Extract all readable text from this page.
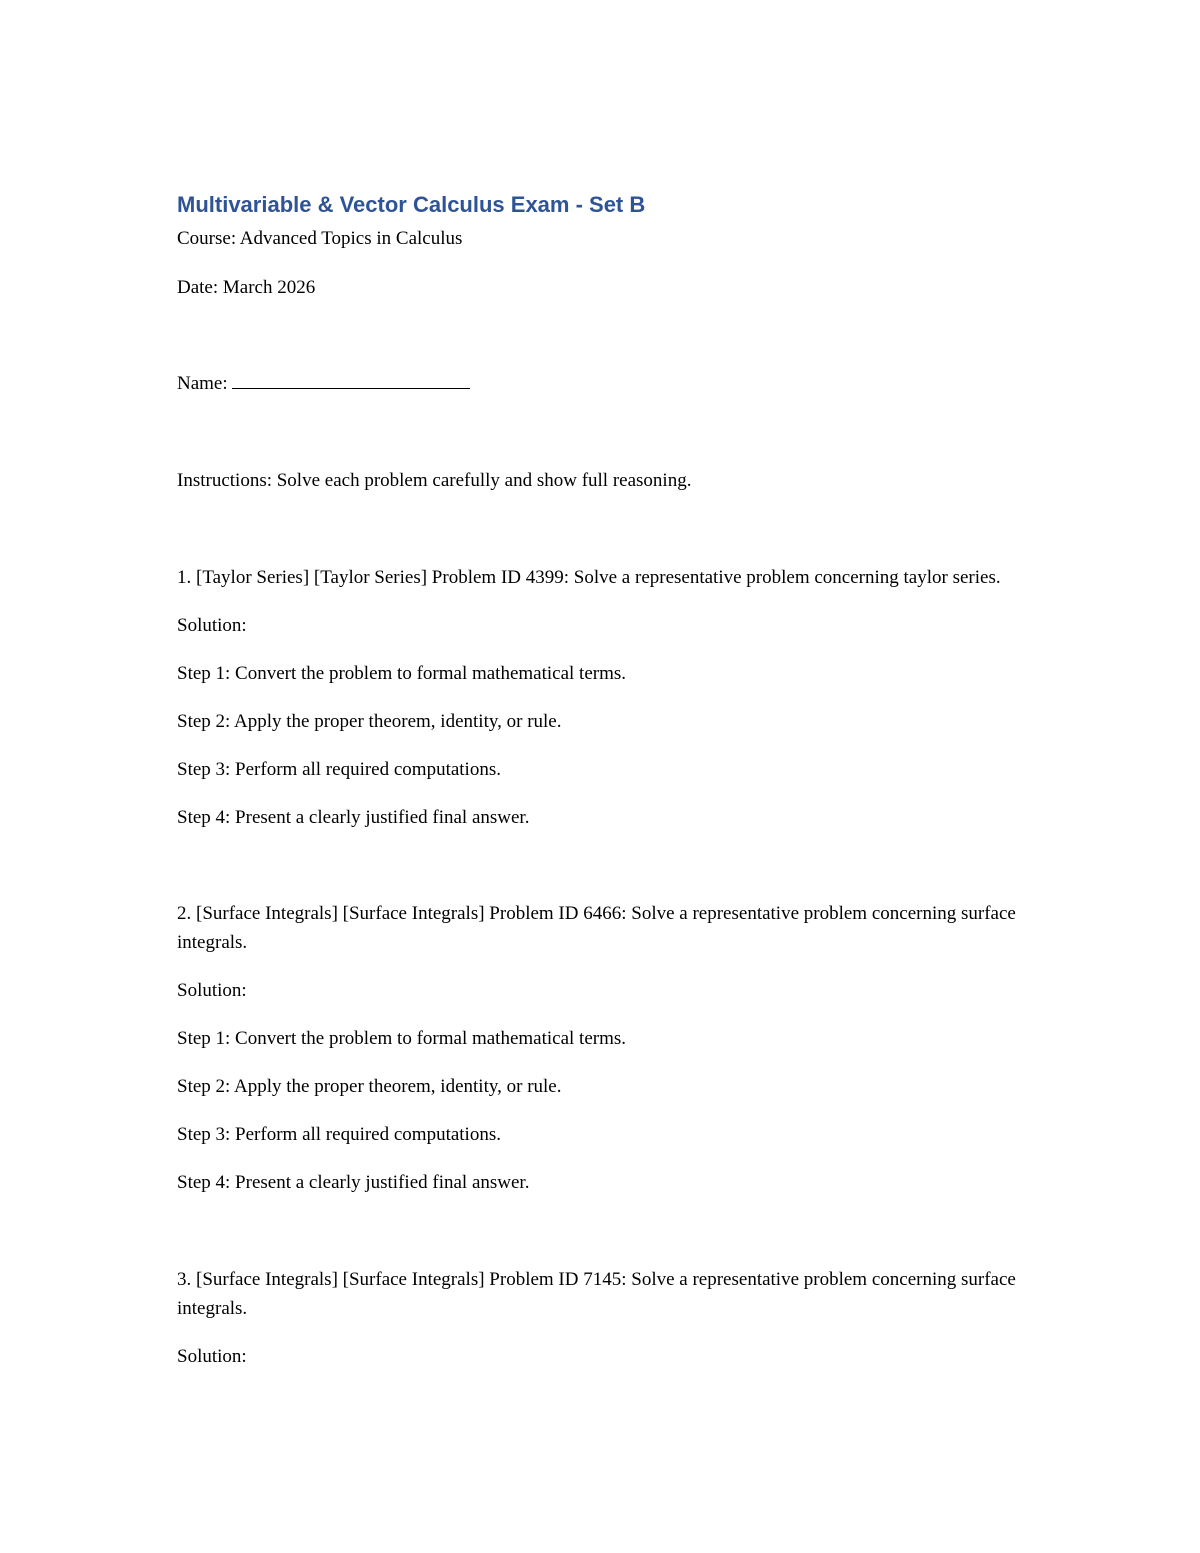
Multivariable & Vector Calculus Exam - Set B

Course: Advanced Topics in Calculus

Date: March 2026

Name:

Instructions: Solve each problem carefully and show full reasoning.

1. [Taylor Series] [Taylor Series] Problem ID 4399: Solve a representative problem concerning taylor series.

Solution:

Step 1: Convert the problem to formal mathematical terms.

Step 2: Apply the proper theorem, identity, or rule.

Step 3: Perform all required computations.

Step 4: Present a clearly justified final answer.

2. [Surface Integrals] [Surface Integrals] Problem ID 6466: Solve a representative problem concerning surface integrals.

Solution:

Step 1: Convert the problem to formal mathematical terms.

Step 2: Apply the proper theorem, identity, or rule.

Step 3: Perform all required computations.

Step 4: Present a clearly justified final answer.

3. [Surface Integrals] [Surface Integrals] Problem ID 7145: Solve a representative problem concerning surface integrals.

Solution:
